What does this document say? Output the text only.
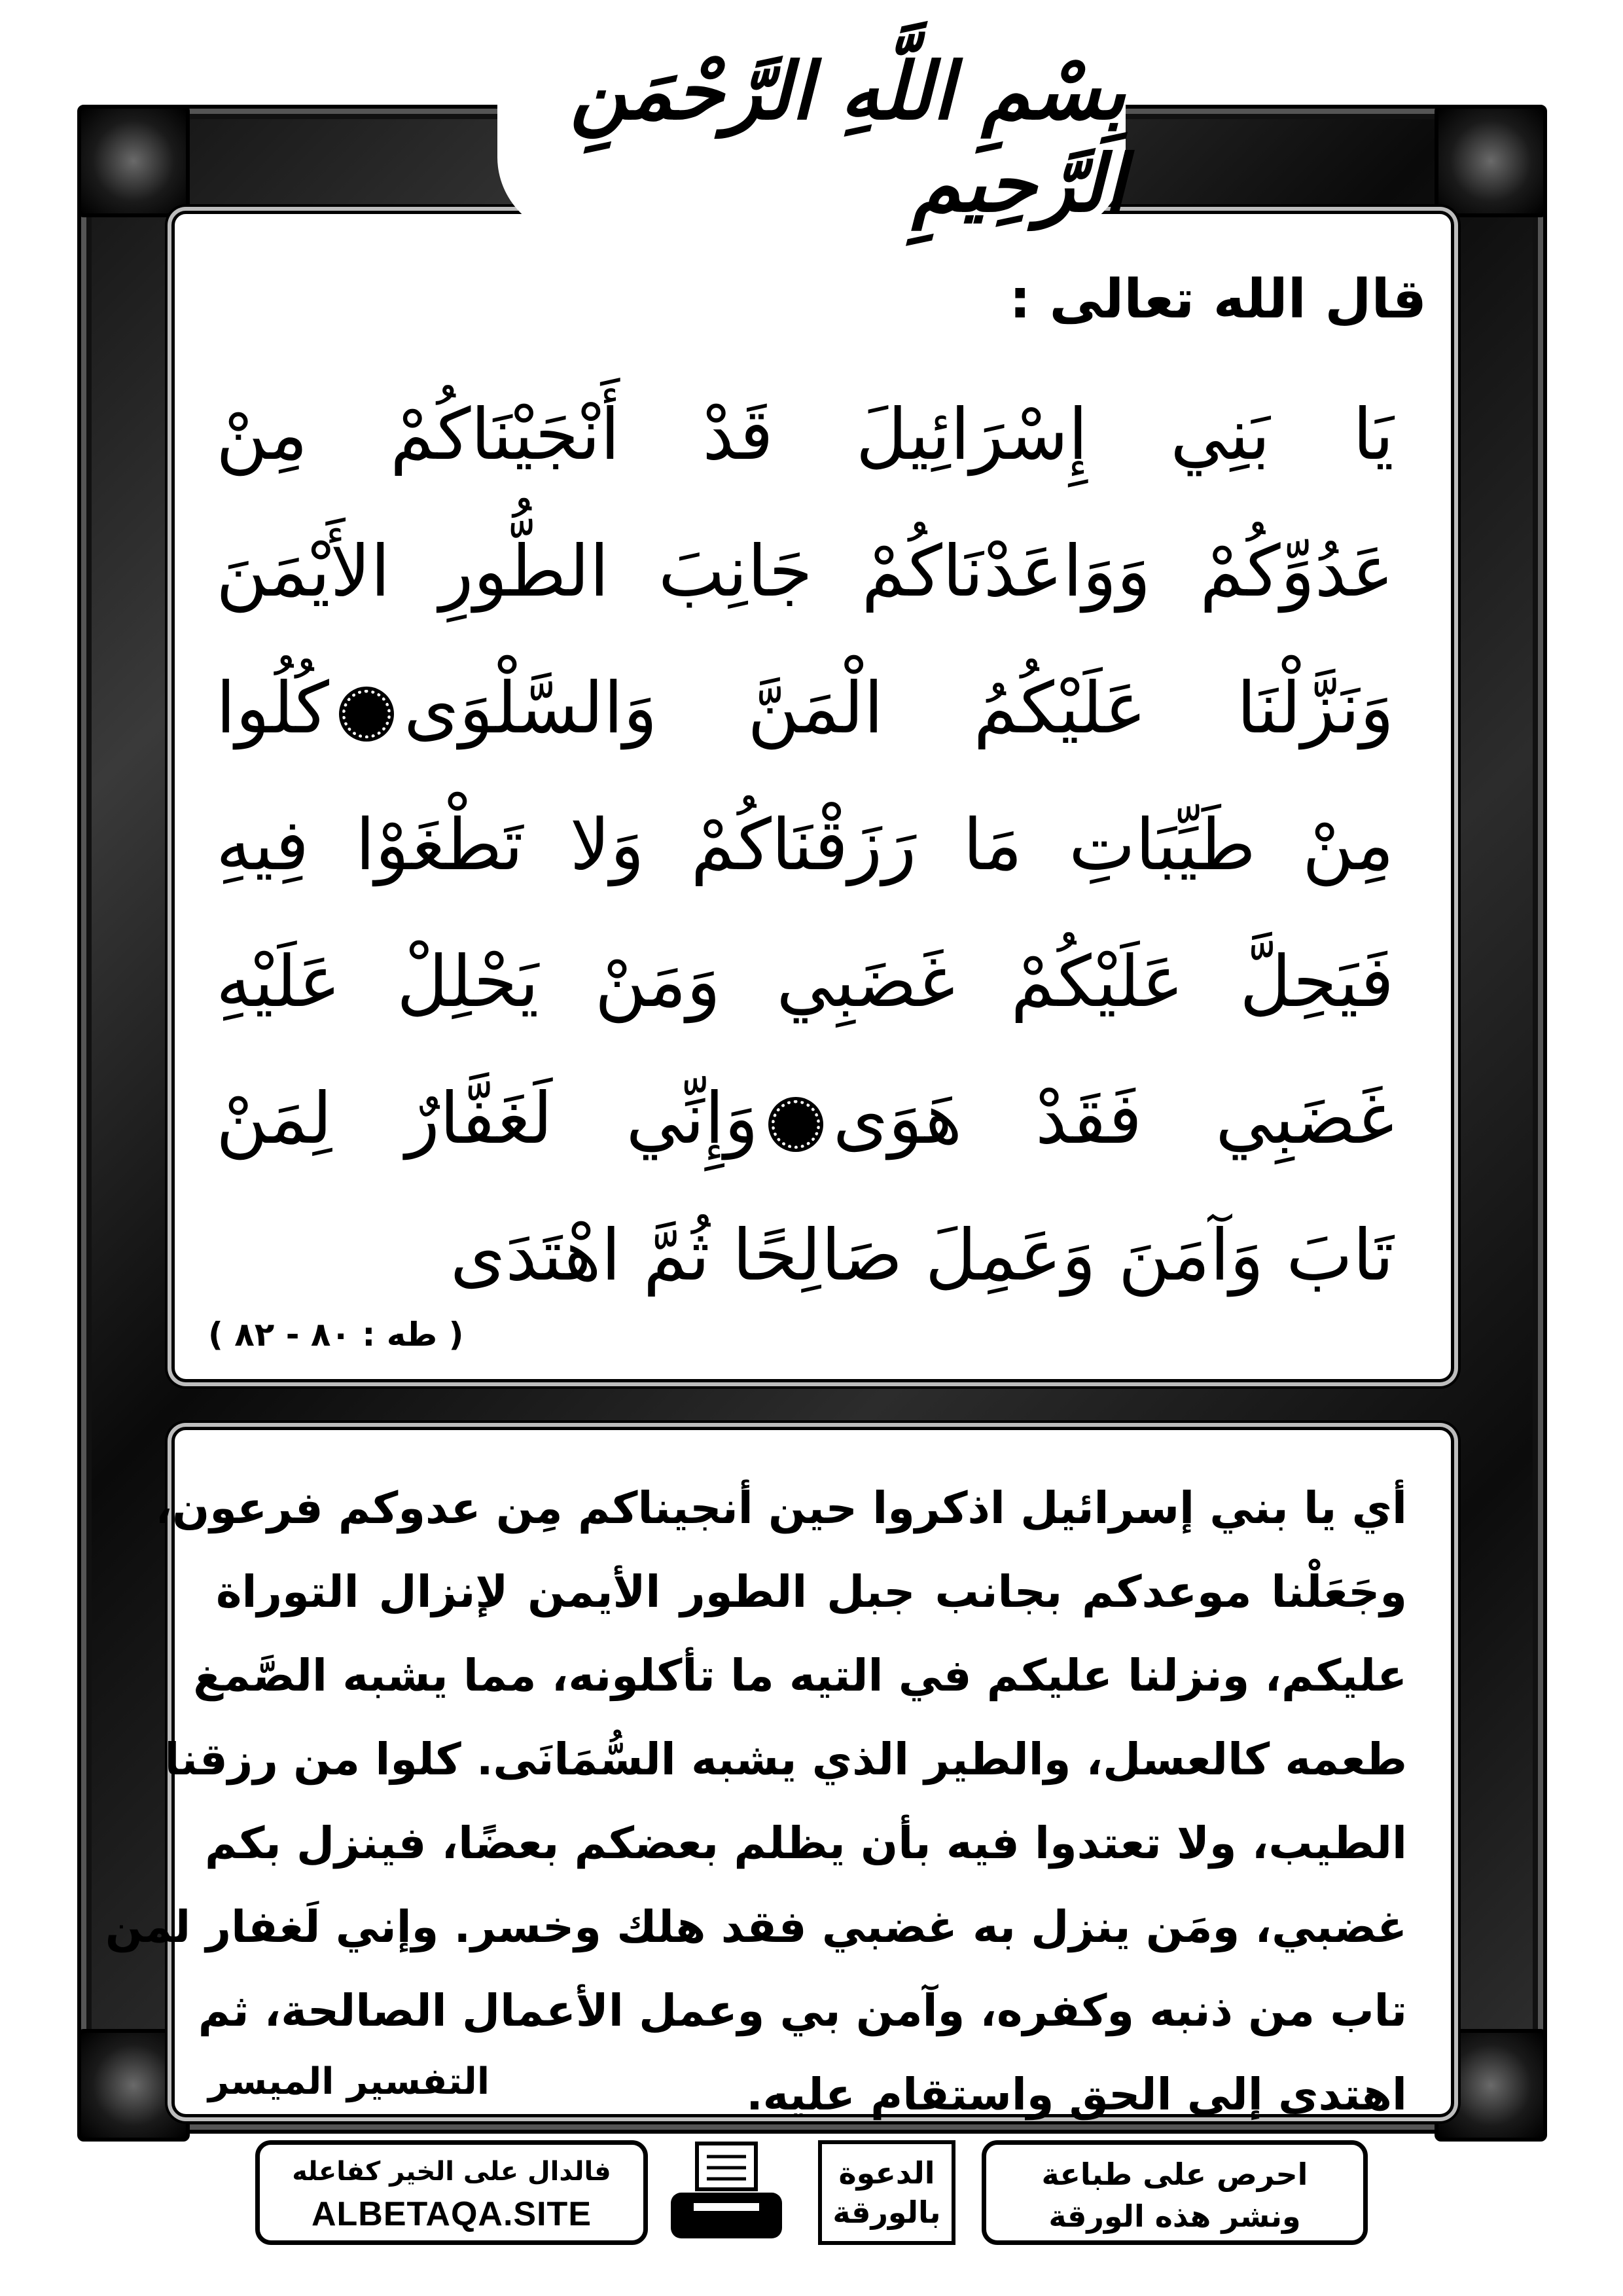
بِسْمِ اللَّهِ الرَّحْمَنِ الرَّحِيمِ
قال الله تعالى :
يَا بَنِي إِسْرَائِيلَ قَدْ أَنْجَيْنَاكُمْ مِنْ
عَدُوِّكُمْ وَوَاعَدْنَاكُمْ جَانِبَ الطُّورِ الأَيْمَنَ
وَنَزَّلْنَا عَلَيْكُمُ الْمَنَّ وَالسَّلْوَىكُلُوا
مِنْ طَيِّبَاتِ مَا رَزَقْنَاكُمْ وَلا تَطْغَوْا فِيهِ
فَيَحِلَّ عَلَيْكُمْ غَضَبِي وَمَنْ يَحْلِلْ عَلَيْهِ
غَضَبِي فَقَدْ هَوَىوَإِنِّي لَغَفَّارٌ لِمَنْ
تَابَ وَآمَنَ وَعَمِلَ صَالِحًا ثُمَّ اهْتَدَى
( طه : ٨٠ - ٨٢ )
أي يا بني إسرائيل اذكروا حين أنجيناكم مِن عدوكم فرعون،
وجَعَلْنا موعدكم بجانب جبل الطور الأيمن لإنزال التوراة
عليكم، ونزلنا عليكم في التيه ما تأكلونه، مما يشبه الصَّمغ
طعمه كالعسل، والطير الذي يشبه السُّمَانَى. كلوا من رزقنا
الطيب، ولا تعتدوا فيه بأن يظلم بعضكم بعضًا، فينزل بكم
غضبي، ومَن ينزل به غضبي فقد هلك وخسر. وإني لَغفار لمن
تاب من ذنبه وكفره، وآمن بي وعمل الأعمال الصالحة، ثم
اهتدى إلى الحق واستقام عليه.
التفسير الميسر
فالدال على الخير كفاعله
ALBETAQA.SITE
الدعوة
بالورقة
احرص على طباعة
ونشر هذه الورقة
